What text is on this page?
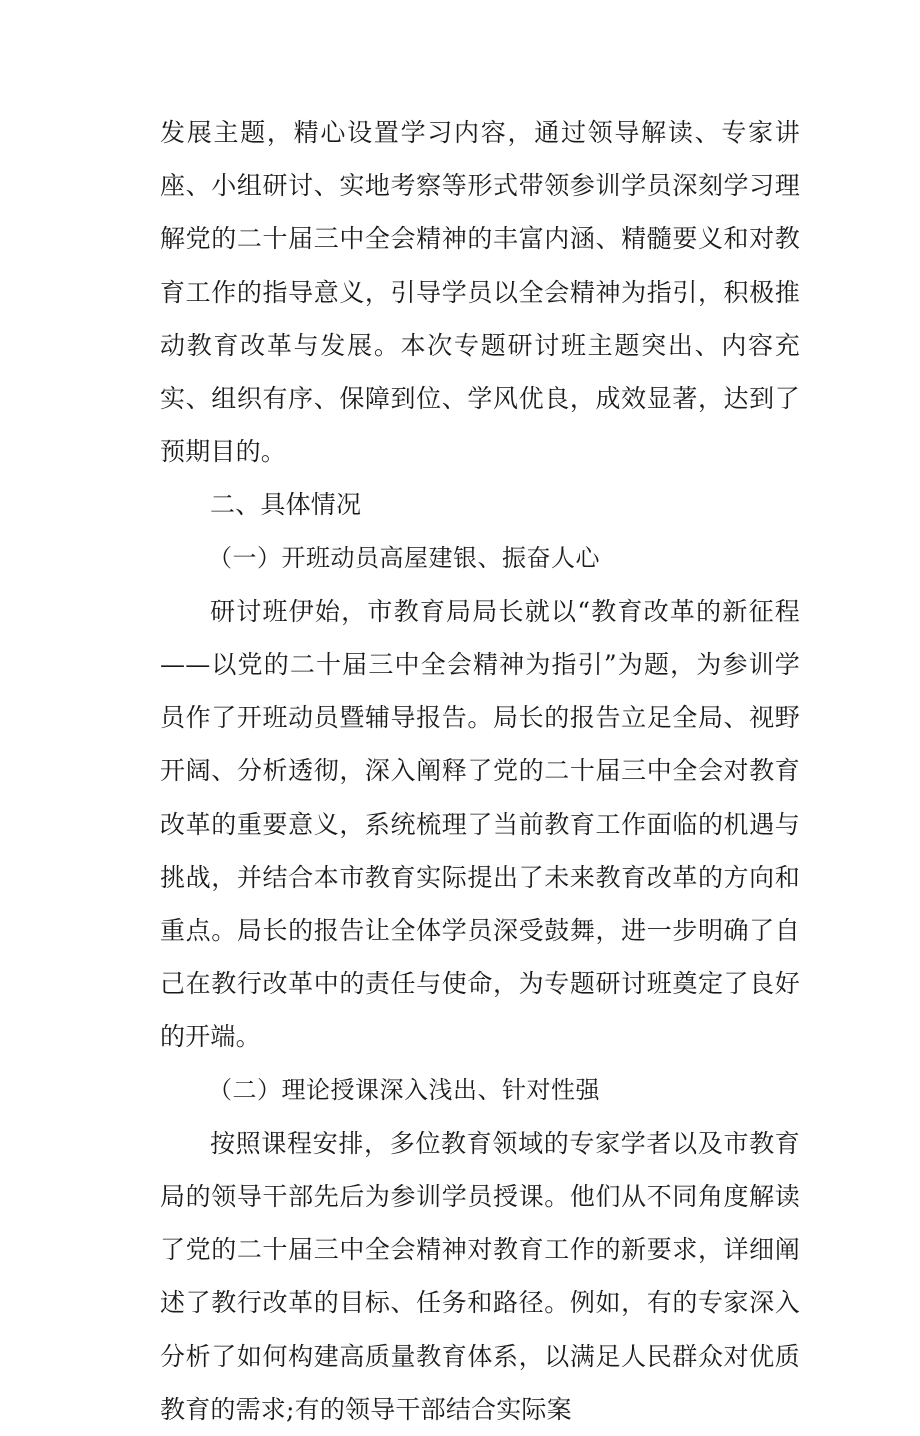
发展主题，精心设置学习内容，通过领导解读、专家讲座、小组研讨、实地考察等形式带领参训学员深刻学习理解党的二十届三中全会精神的丰富内涵、精髓要义和对教育工作的指导意义，引导学员以全会精神为指引，积极推动教育改革与发展。本次专题研讨班主题突出、内容充实、组织有序、保障到位、学风优良，成效显著，达到了预期目的。

二、具体情况

（一）开班动员高屋建银、振奋人心

研讨班伊始，市教育局局长就以“教育改革的新征程——以党的二十届三中全会精神为指引”为题，为参训学员作了开班动员暨辅导报告。局长的报告立足全局、视野开阔、分析透彻，深入阐释了党的二十届三中全会对教育改革的重要意义，系统梳理了当前教育工作面临的机遇与挑战，并结合本市教育实际提出了未来教育改革的方向和重点。局长的报告让全体学员深受鼓舞，进一步明确了自己在教行改革中的责任与使命，为专题研讨班奠定了良好的开端。

（二）理论授课深入浅出、针对性强

按照课程安排，多位教育领域的专家学者以及市教育局的领导干部先后为参训学员授课。他们从不同角度解读了党的二十届三中全会精神对教育工作的新要求，详细阐述了教行改革的目标、任务和路径。例如，有的专家深入分析了如何构建高质量教育体系，以满足人民群众对优质教育的需求;有的领导干部结合实际案
